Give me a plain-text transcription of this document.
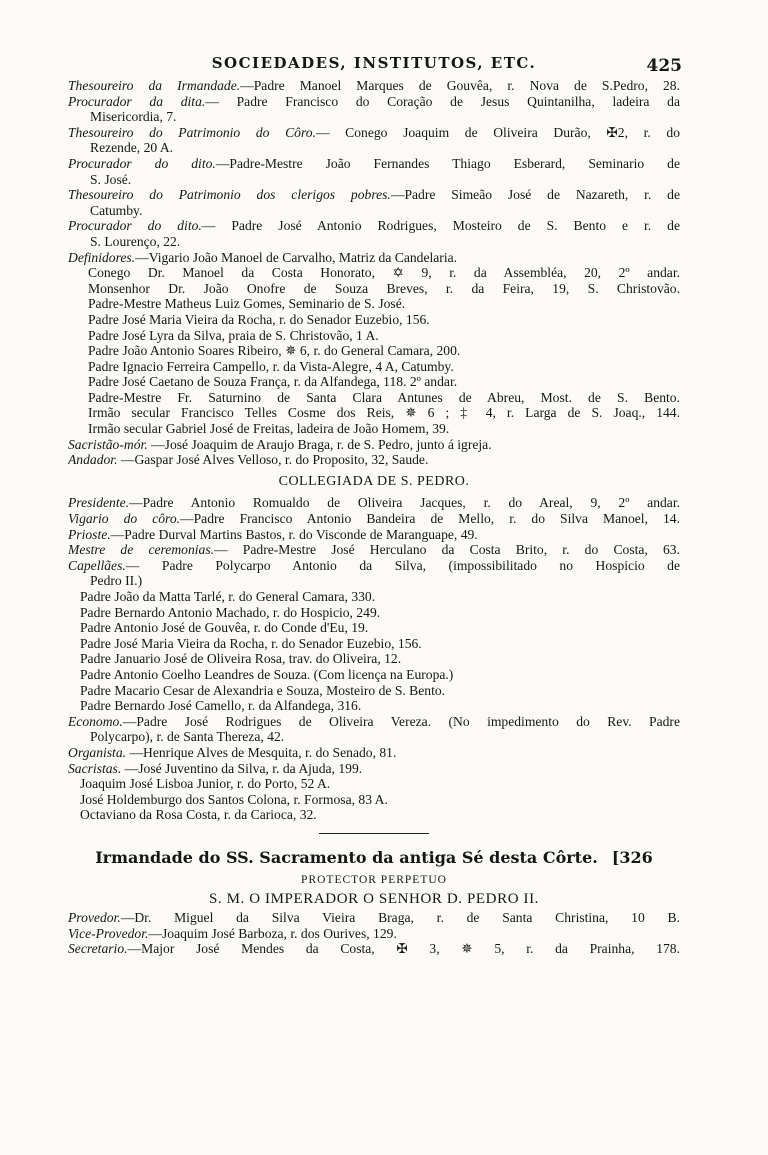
SOCIEDADES, INSTITUTOS, ETC.	425
Thesoureiro da Irmandade.—Padre Manoel Marques de Gouvêa, r. Nova de S.Pedro, 28.
Procurador da dita.— Padre Francisco do Coração de Jesus Quintanilha, ladeira da
Misericordia, 7.
Thesoureiro do Patrimonio do Côro.— Conego Joaquim de Oliveira Durão, ✠2, r. do
Rezende, 20 A.
Procurador do dito.—Padre-Mestre João Fernandes Thiago Esberard, Seminario de
S. José.
Thesoureiro do Patrimonio dos clerigos pobres.—Padre Simeão José de Nazareth, r. de
Catumby.
Procurador do dito.— Padre José Antonio Rodrigues, Mosteiro de S. Bento e r. de
S. Lourenço, 22.
Definidores.—Vigario João Manoel de Carvalho, Matriz da Candelaria.
Conego Dr. Manoel da Costa Honorato, ✡ 9, r. da Assembléa, 20, 2º andar.
Monsenhor Dr. João Onofre de Souza Breves, r. da Feira, 19, S. Christovão.
Padre-Mestre Matheus Luiz Gomes, Seminario de S. José.
Padre José Maria Vieira da Rocha, r. do Senador Euzebio, 156.
Padre José Lyra da Silva, praia de S. Christovão, 1 A.
Padre João Antonio Soares Ribeiro, ✵ 6, r. do General Camara, 200.
Padre Ignacio Ferreira Campello, r. da Vista-Alegre, 4 A, Catumby.
Padre José Caetano de Souza França, r. da Alfandega, 118. 2º andar.
Padre-Mestre Fr. Saturnino de Santa Clara Antunes de Abreu, Most. de S. Bento.
Irmão secular Francisco Telles Cosme dos Reis, ✵ 6 ; ‡ 4, r. Larga de S. Joaq., 144.
Irmão secular Gabriel José de Freitas, ladeira de João Homem, 39.
Sacristão-mór. —José Joaquim de Araujo Braga, r. de S. Pedro, junto á igreja.
Andador. —Gaspar José Alves Velloso, r. do Proposito, 32, Saude.
COLLEGIADA DE S. PEDRO.
Presidente.—Padre Antonio Romualdo de Oliveira Jacques, r. do Areal, 9, 2º andar.
Vigario do côro.—Padre Francisco Antonio Bandeira de Mello, r. do Silva Manoel, 14.
Prioste.—Padre Durval Martins Bastos, r. do Visconde de Maranguape, 49.
Mestre de ceremonias.— Padre-Mestre José Herculano da Costa Brito, r. do Costa, 63.
Capellães.— Padre Polycarpo Antonio da Silva, (impossibilitado no Hospicio de
Pedro II.)
Padre João da Matta Tarlé, r. do General Camara, 330.
Padre Bernardo Antonio Machado, r. do Hospicio, 249.
Padre Antonio José de Gouvêa, r. do Conde d'Eu, 19.
Padre José Maria Vieira da Rocha, r. do Senador Euzebio, 156.
Padre Januario José de Oliveira Rosa, trav. do Oliveira, 12.
Padre Antonio Coelho Leandres de Souza. (Com licença na Europa.)
Padre Macario Cesar de Alexandria e Souza, Mosteiro de S. Bento.
Padre Bernardo José Camello, r. da Alfandega, 316.
Economo.—Padre José Rodrigues de Oliveira Vereza. (No impedimento do Rev. Padre
Polycarpo), r. de Santa Thereza, 42.
Organista. —Henrique Alves de Mesquita, r. do Senado, 81.
Sacristas. —José Juventino da Silva, r. da Ajuda, 199.
Joaquim José Lisboa Junior, r. do Porto, 52 A.
José Holdemburgo dos Santos Colona, r. Formosa, 83 A.
Octaviano da Rosa Costa, r. da Carioca, 32.
Irmandade do SS. Sacramento da antiga Sé desta Côrte. [326
PROTECTOR PERPETUO
S. M. O IMPERADOR O SENHOR D. PEDRO II.
Provedor.—Dr. Miguel da Silva Vieira Braga, r. de Santa Christina, 10 B.
Vice-Provedor.—Joaquim José Barboza, r. dos Ourives, 129.
Secretario.—Major José Mendes da Costa, ✠ 3, ✵ 5, r. da Prainha, 178.
